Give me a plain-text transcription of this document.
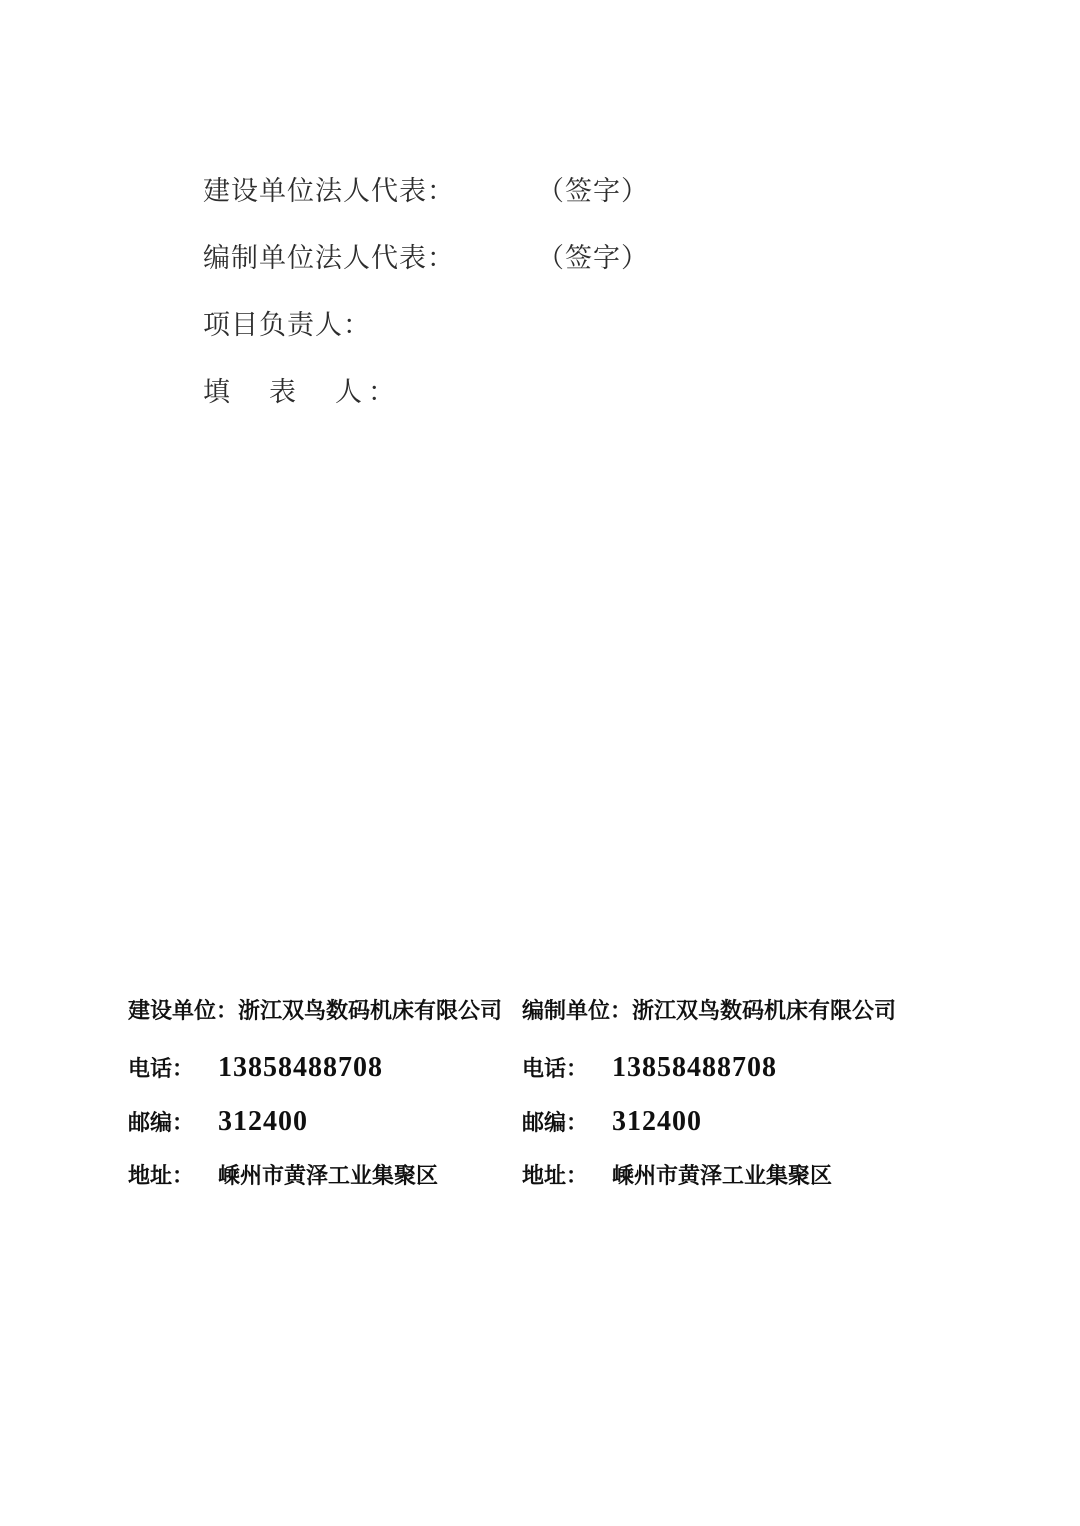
建设单位法人代表：	（签字）
编制单位法人代表：	（签字）
项目负责人：
填　表　人：
建设单位：浙江双鸟数码机床有限公司
电话： 13858488708
邮编： 312400
地址： 嵊州市黄泽工业集聚区
编制单位：浙江双鸟数码机床有限公司
电话： 13858488708
邮编： 312400
地址： 嵊州市黄泽工业集聚区
